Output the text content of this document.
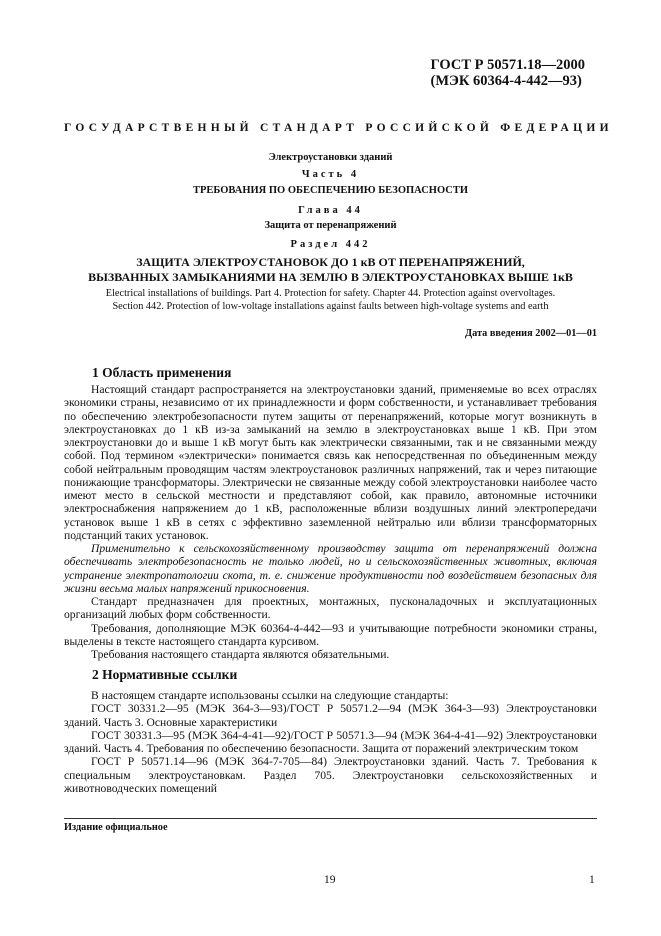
ГОСТ Р 50571.18—2000
(МЭК 60364-4-442—93)
ГОСУДАРСТВЕННЫЙ СТАНДАРТ РОССИЙСКОЙ ФЕДЕРАЦИИ
Электроустановки зданий
Часть 4
ТРЕБОВАНИЯ ПО ОБЕСПЕЧЕНИЮ БЕЗОПАСНОСТИ
Глава 44
Защита от перенапряжений
Раздел 442
ЗАЩИТА ЭЛЕКТРОУСТАНОВОК ДО 1 кВ ОТ ПЕРЕНАПРЯЖЕНИЙ,
ВЫЗВАННЫХ ЗАМЫКАНИЯМИ НА ЗЕМЛЮ В ЭЛЕКТРОУСТАНОВКАХ ВЫШЕ 1кВ
Electrical installations of buildings. Part 4. Protection for safety. Chapter 44. Protection against overvoltages.
Section 442. Protection of low-voltage installations against faults between high-voltage systems and earth
Дата введения 2002—01—01
1 Область применения

Настоящий стандарт распространяется на электроустановки зданий, применяемые во всех отраслях экономики страны, независимо от их принадлежности и форм собственности, и устанавливает требования по обеспечению электробезопасности путем защиты от перенапряжений, которые могут возникнуть в электроустановках до 1 кВ из-за замыканий на землю в электроустановках выше 1 кВ. При этом электроустановки до и выше 1 кВ могут быть как электрически связанными, так и не связанными между собой. Под термином «электрически» понимается связь как непосредственная по объединенным между собой нейтральным проводящим частям электроустановок различных напряжений, так и через питающие понижающие трансформаторы. Электрически не связанные между собой электроустановки наиболее часто имеют место в сельской местности и представляют собой, как правило, автономные источники электроснабжения напряжением до 1 кВ, расположенные вблизи воздушных линий электропередачи установок выше 1 кВ в сетях с эффективно заземленной нейтралью или вблизи трансформаторных подстанций таких установок.

Применительно к сельскохозяйственному производству защита от перенапряжений должна обеспечивать электробезопасность не только людей, но и сельскохозяйственных животных, включая устранение электропатологии скота, т. е. снижение продуктивности под воздействием безопасных для жизни весьма малых напряжений прикосновения.

Стандарт предназначен для проектных, монтажных, пусконаладочных и эксплуатационных организаций любых форм собственности.

Требования, дополняющие МЭК 60364-4-442—93 и учитывающие потребности экономики страны, выделены в тексте настоящего стандарта курсивом.

Требования настоящего стандарта являются обязательными.

2 Нормативные ссылки

В настоящем стандарте использованы ссылки на следующие стандарты:

ГОСТ 30331.2—95 (МЭК 364-3—93)/ГОСТ Р 50571.2—94 (МЭК 364-3—93) Электроустановки зданий. Часть 3. Основные характеристики

ГОСТ 30331.3—95 (МЭК 364-4-41—92)/ГОСТ Р 50571.3—94 (МЭК 364-4-41—92) Электроустановки зданий. Часть 4. Требования по обеспечению безопасности. Защита от поражений электрическим током

ГОСТ Р 50571.14—96 (МЭК 364-7-705—84) Электроустановки зданий. Часть 7. Требования к специальным электроустановкам. Раздел 705. Электроустановки сельскохозяйственных и животноводческих помещений

Издание официальное
19	1
